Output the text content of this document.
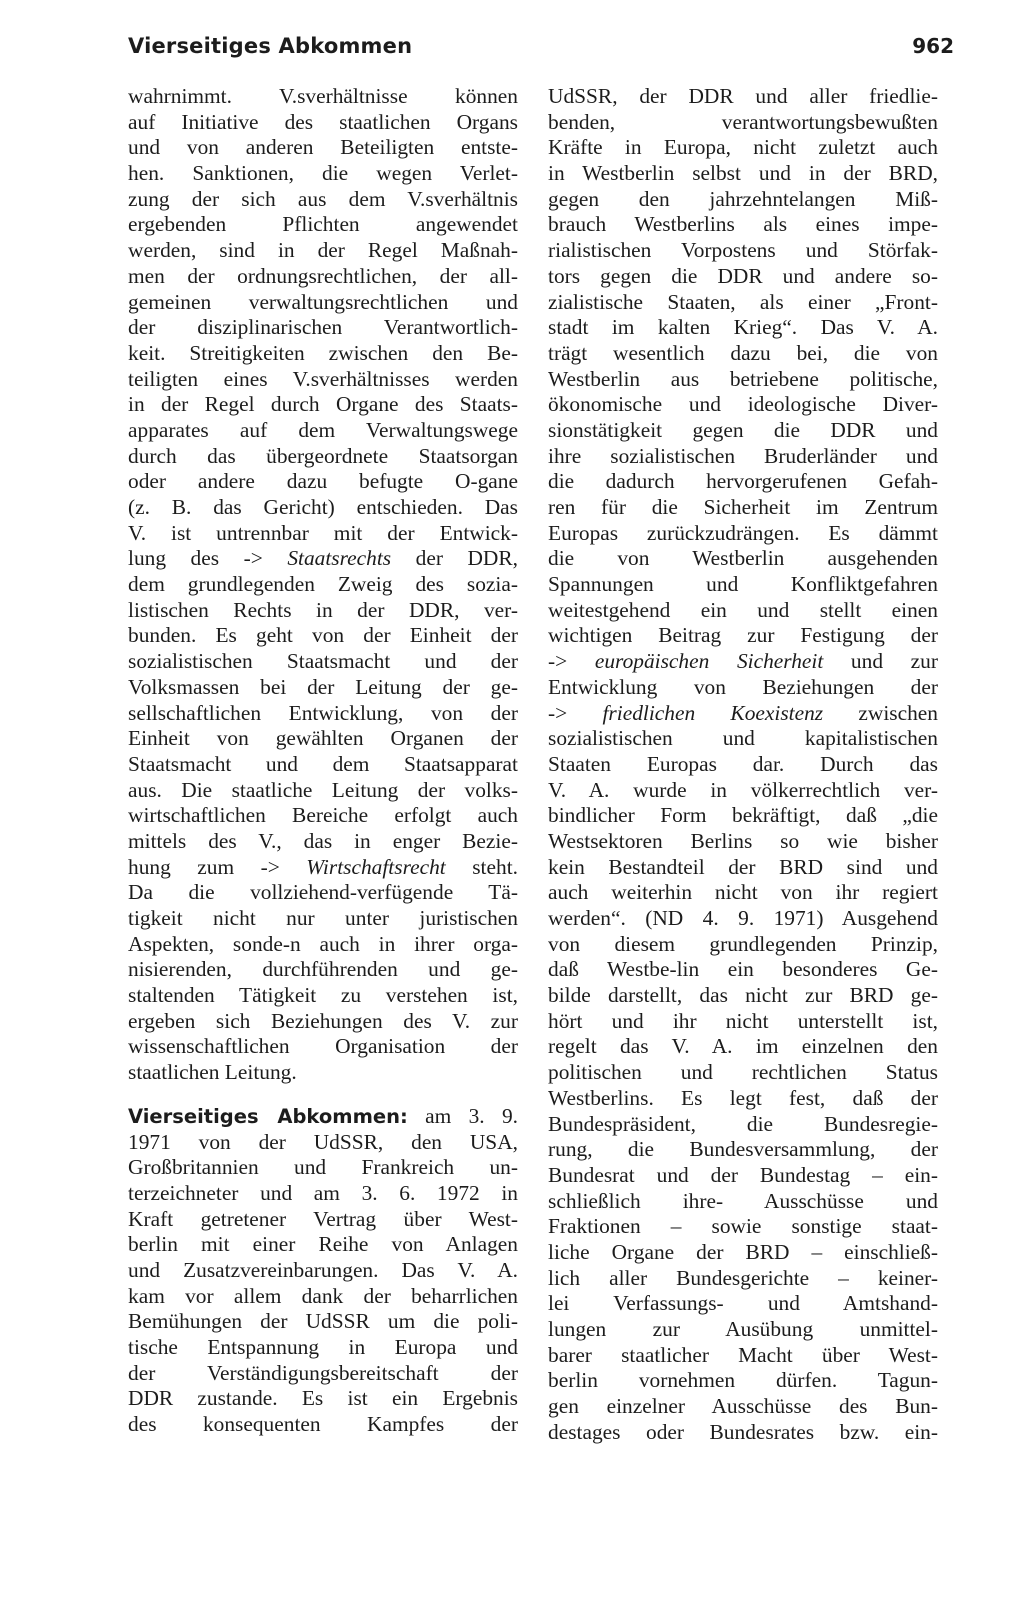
Vierseitiges Abkommen	962
wahrnimmt. V.sverhältnisse können
auf Initiative des staatlichen Organs
und von anderen Beteiligten entste-
hen. Sanktionen, die wegen Verlet-
zung der sich aus dem V.sverhältnis
ergebenden Pflichten angewendet
werden, sind in der Regel Maßnah-
men der ordnungsrechtlichen, der all-
gemeinen verwaltungsrechtlichen und
der disziplinarischen Verantwortlich-
keit. Streitigkeiten zwischen den Be-
teiligten eines V.sverhältnisses werden
in der Regel durch Organe des Staats-
apparates auf dem Verwaltungswege
durch das übergeordnete Staatsorgan
oder andere dazu befugte O-gane
(z. B. das Gericht) entschieden. Das
V. ist untrennbar mit der Entwick-
lung des -> Staatsrechts der DDR,
dem grundlegenden Zweig des sozia-
listischen Rechts in der DDR, ver-
bunden. Es geht von der Einheit der
sozialistischen Staatsmacht und der
Volksmassen bei der Leitung der ge-
sellschaftlichen Entwicklung, von der
Einheit von gewählten Organen der
Staatsmacht und dem Staatsapparat
aus. Die staatliche Leitung der volks-
wirtschaftlichen Bereiche erfolgt auch
mittels des V., das in enger Bezie-
hung zum -> Wirtschaftsrecht steht.
Da die vollziehend-verfügende Tä-
tigkeit nicht nur unter juristischen
Aspekten, sonde-n auch in ihrer orga-
nisierenden, durchführenden und ge-
staltenden Tätigkeit zu verstehen ist,
ergeben sich Beziehungen des V. zur
wissenschaftlichen Organisation der
staatlichen Leitung.
Vierseitiges Abkommen: am 3. 9.
1971 von der UdSSR, den USA,
Großbritannien und Frankreich un-
terzeichneter und am 3. 6. 1972 in
Kraft getretener Vertrag über West-
berlin mit einer Reihe von Anlagen
und Zusatzvereinbarungen. Das V. A.
kam vor allem dank der beharrlichen
Bemühungen der UdSSR um die poli-
tische Entspannung in Europa und
der Verständigungsbereitschaft der
DDR zustande. Es ist ein Ergebnis
des konsequenten Kampfes der
UdSSR, der DDR und aller friedlie-
benden, verantwortungsbewußten
Kräfte in Europa, nicht zuletzt auch
in Westberlin selbst und in der BRD,
gegen den jahrzehntelangen Miß-
brauch Westberlins als eines impe-
rialistischen Vorpostens und Störfak-
tors gegen die DDR und andere so-
zialistische Staaten, als einer „Front-
stadt im kalten Krieg“. Das V. A.
trägt wesentlich dazu bei, die von
Westberlin aus betriebene politische,
ökonomische und ideologische Diver-
sionstätigkeit gegen die DDR und
ihre sozialistischen Bruderländer und
die dadurch hervorgerufenen Gefah-
ren für die Sicherheit im Zentrum
Europas zurückzudrängen. Es dämmt
die von Westberlin ausgehenden
Spannungen und Konfliktgefahren
weitestgehend ein und stellt einen
wichtigen Beitrag zur Festigung der
-> europäischen Sicherheit und zur
Entwicklung von Beziehungen der
-> friedlichen Koexistenz zwischen
sozialistischen und kapitalistischen
Staaten Europas dar. Durch das
V. A. wurde in völkerrechtlich ver-
bindlicher Form bekräftigt, daß „die
Westsektoren Berlins so wie bisher
kein Bestandteil der BRD sind und
auch weiterhin nicht von ihr regiert
werden“. (ND 4. 9. 1971) Ausgehend
von diesem grundlegenden Prinzip,
daß Westbe-lin ein besonderes Ge-
bilde darstellt, das nicht zur BRD ge-
hört und ihr nicht unterstellt ist,
regelt das V. A. im einzelnen den
politischen und rechtlichen Status
Westberlins. Es legt fest, daß der
Bundespräsident, die Bundesregie-
rung, die Bundesversammlung, der
Bundesrat und der Bundestag – ein-
schließlich ihre- Ausschüsse und
Fraktionen – sowie sonstige staat-
liche Organe der BRD – einschließ-
lich aller Bundesgerichte – keiner-
lei Verfassungs- und Amtshand-
lungen zur Ausübung unmittel-
barer staatlicher Macht über West-
berlin vornehmen dürfen. Tagun-
gen einzelner Ausschüsse des Bun-
destages oder Bundesrates bzw. ein-
